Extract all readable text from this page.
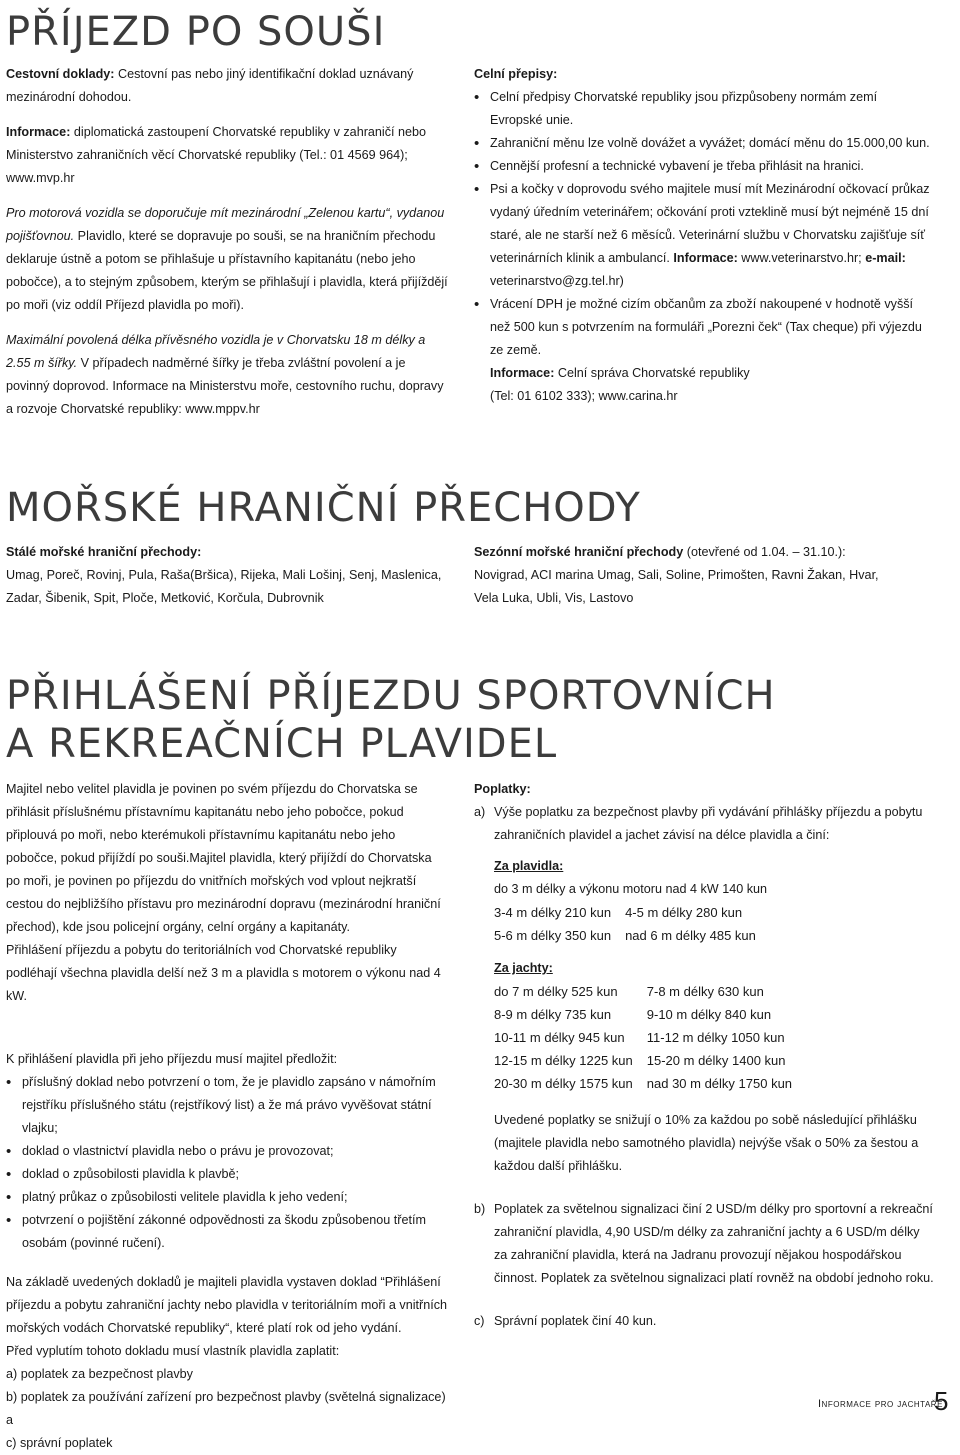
PŘÍJEZD PO SOUŠI

Cestovní doklady: Cestovní pas nebo jiný identifikační doklad uznávaný mezinárodní dohodou.

Informace: diplomatická zastoupení Chorvatské republiky v zahraničí nebo Ministerstvo zahraničních věcí Chorvatské republiky (Tel.: 01 4569 964); www.mvp.hr

Pro motorová vozidla se doporučuje mít mezinárodní „Zelenou kartu“, vydanou pojišťovnou. Plavidlo, které se dopravuje po souši, se na hraničním přechodu deklaruje ústně a potom se přihlašuje u přístavního kapitanátu (nebo jeho pobočce), a to stejným způsobem, kterým se přihlašují i plavidla, která přijíždějí po moři (viz oddíl Příjezd plavidla po moři).

Maximální povolená délka přívěsného vozidla je v Chorvatsku 18 m délky a 2.55 m šířky. V případech nadměrné šířky je třeba zvláštní povolení a je povinný doprovod. Informace na Ministerstvu moře, cestovního ruchu, dopravy a rozvoje Chorvatské republiky: www.mppv.hr

Celní přepisy:

• Celní předpisy Chorvatské republiky jsou přizpůsobeny normám zemí Evropské unie.
• Zahraniční měnu lze volně dovážet a vyvážet; domácí měnu do 15.000,00 kun.
• Cennější profesní a technické vybavení je třeba přihlásit na hranici.
• Psi a kočky v doprovodu svého majitele musí mít Mezinárodní očkovací průkaz vydaný úředním veterinářem; očkování proti vzteklině musí být nejméně 15 dní staré, ale ne starší než 6 měsíců. Veterinární službu v Chorvatsku zajišťuje síť veterinárních klinik a ambulancí. Informace: www.veterinarstvo.hr; e-mail: veterinarstvo@zg.tel.hr)
• Vrácení DPH je možné cizím občanům za zboží nakoupené v hodnotě vyšší než 500 kun s potvrzením na formuláři „Porezni ček“ (Tax cheque) při výjezdu ze země.

Informace: Celní správa Chorvatské republiky

(Tel: 01 6102 333); www.carina.hr

MOŘSKÉ HRANIČNÍ PŘECHODY

Stálé mořské hraniční přechody:

Umag, Poreč, Rovinj, Pula, Raša(Bršica), Rijeka, Mali Lošinj, Senj, Maslenica, Zadar, Šibenik, Spit, Ploče, Metković, Korčula, Dubrovnik

Sezónní mořské hraniční přechody (otevřené od 1.04. – 31.10.):

Novigrad, ACI marina Umag, Sali, Soline, Primošten, Ravni Žakan, Hvar, Vela Luka, Ubli, Vis, Lastovo

PŘIHLÁŠENÍ PŘÍJEZDU SPORTOVNÍCH
A REKREAČNÍCH PLAVIDEL

Majitel nebo velitel plavidla je povinen po svém příjezdu do Chorvatska se přihlásit příslušnému přístavnímu kapitanátu nebo jeho pobočce, pokud připlouvá po moři, nebo kterémukoli přístavnímu kapitanátu nebo jeho pobočce, pokud přijíždí po souši.Majitel plavidla, který přijíždí do Chorvatska po moři, je povinen po příjezdu do vnitřních mořských vod vplout nejkratší cestou do nejbližšího přístavu pro mezinárodní dopravu (mezinárodní hraniční přechod), kde jsou policejní orgány, celní orgány a kapitanáty.

Přihlášení příjezdu a pobytu do teritoriálních vod Chorvatské republiky podléhají všechna plavidla delší než 3 m a plavidla s motorem o výkonu nad 4 kW.

K přihlášení plavidla při jeho příjezdu musí majitel předložit:

• příslušný doklad nebo potvrzení o tom, že je plavidlo zapsáno v námořním rejstříku příslušného státu (rejstříkový list) a že má právo vyvěšovat státní vlajku;
• doklad o vlastnictví plavidla nebo o právu je provozovat;
• doklad o způsobilosti plavidla k plavbě;
• platný průkaz o způsobilosti velitele plavidla k jeho vedení;
• potvrzení o pojištění zákonné odpovědnosti za škodu způsobenou třetím osobám (povinné ručení).

Na základě uvedených dokladů je majiteli plavidla vystaven doklad “Přihlášení příjezdu a pobytu zahraniční jachty nebo plavidla v teritoriálním moři a vnitřních mořských vodách Chorvatské republiky“, které platí rok od jeho vydání.

Před vyplutím tohoto dokladu musí vlastník plavidla zaplatit:

a) poplatek za bezpečnost plavby

b) poplatek za používání zařízení pro bezpečnost plavby (světelná signalizace) a

c) správní poplatek

Poplatky:

a) Výše poplatku za bezpečnost plavby při vydávání přihlášky příjezdu a pobytu zahraničních plavidel a jachet závisí na délce plavidla a činí:

Za plavidla:

do 3 m délky a výkonu motoru nad 4 kW 140 kun

3-4 m délky 210 kun	4-5 m délky 280 kun
5-6 m délky 350 kun	nad 6 m délky 485 kun

Za jachty:

do 7 m délky 525 kun	7-8 m délky 630 kun
8-9 m délky 735 kun	9-10 m délky 840 kun
10-11 m délky 945 kun	11-12 m délky 1050 kun
12-15 m délky 1225 kun	15-20 m délky 1400 kun
20-30 m délky 1575 kun	nad 30 m délky 1750 kun

Uvedené poplatky se snižují o 10% za každou po sobě následující přihlášku (majitele plavidla nebo samotného plavidla) nejvýše však o 50% za šestou a každou další přihlášku.

b) Poplatek za světelnou signalizaci činí 2 USD/m délky pro sportovní a rekreační zahraniční plavidla, 4,90 USD/m délky za zahraniční jachty a 6 USD/m délky za zahraniční plavidla, která na Jadranu provozují nějakou hospodářskou činnost. Poplatek za světelnou signalizaci platí rovněž na období jednoho roku.
c) Správní poplatek činí 40 kun.
Informace pro jachtaře
5
